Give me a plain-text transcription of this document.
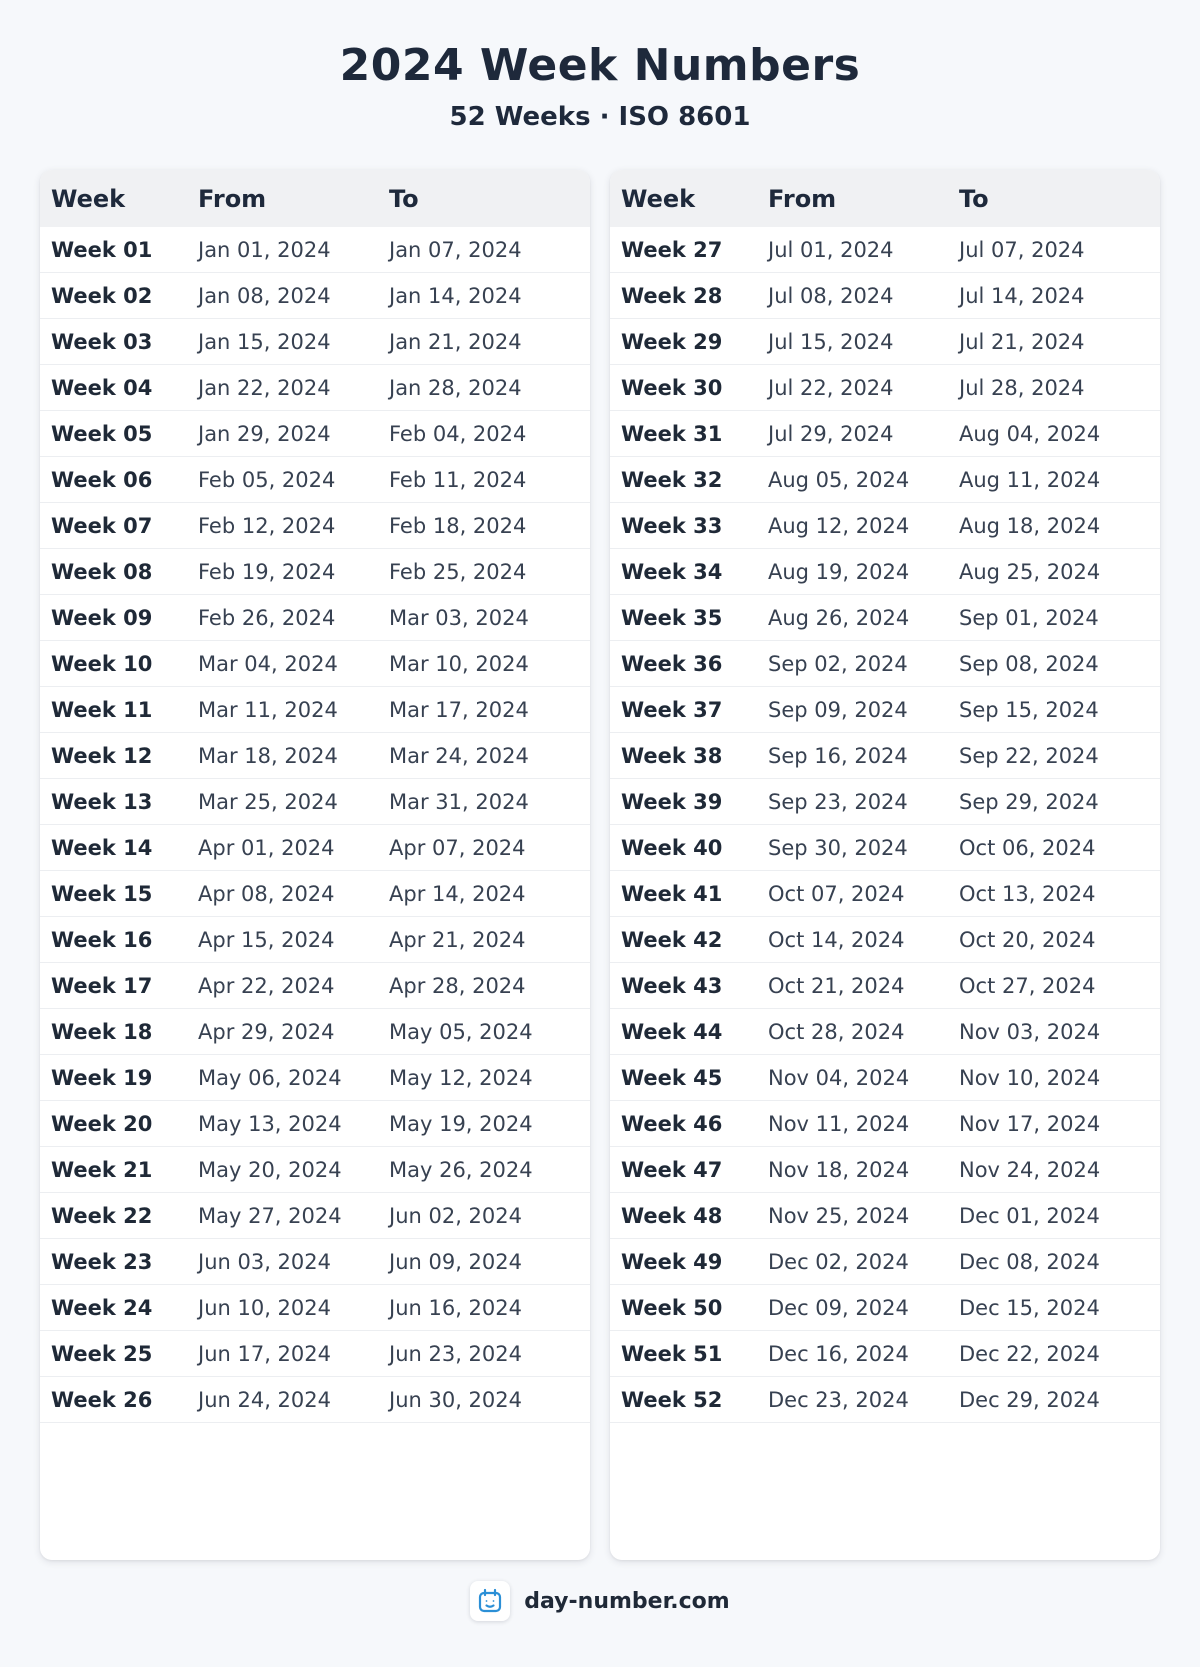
2024 Week Numbers
52 Weeks · ISO 8601
Week	From	To
Week 01	Jan 01, 2024	Jan 07, 2024
Week 02	Jan 08, 2024	Jan 14, 2024
Week 03	Jan 15, 2024	Jan 21, 2024
Week 04	Jan 22, 2024	Jan 28, 2024
Week 05	Jan 29, 2024	Feb 04, 2024
Week 06	Feb 05, 2024	Feb 11, 2024
Week 07	Feb 12, 2024	Feb 18, 2024
Week 08	Feb 19, 2024	Feb 25, 2024
Week 09	Feb 26, 2024	Mar 03, 2024
Week 10	Mar 04, 2024	Mar 10, 2024
Week 11	Mar 11, 2024	Mar 17, 2024
Week 12	Mar 18, 2024	Mar 24, 2024
Week 13	Mar 25, 2024	Mar 31, 2024
Week 14	Apr 01, 2024	Apr 07, 2024
Week 15	Apr 08, 2024	Apr 14, 2024
Week 16	Apr 15, 2024	Apr 21, 2024
Week 17	Apr 22, 2024	Apr 28, 2024
Week 18	Apr 29, 2024	May 05, 2024
Week 19	May 06, 2024	May 12, 2024
Week 20	May 13, 2024	May 19, 2024
Week 21	May 20, 2024	May 26, 2024
Week 22	May 27, 2024	Jun 02, 2024
Week 23	Jun 03, 2024	Jun 09, 2024
Week 24	Jun 10, 2024	Jun 16, 2024
Week 25	Jun 17, 2024	Jun 23, 2024
Week 26	Jun 24, 2024	Jun 30, 2024
Week	From	To
Week 27	Jul 01, 2024	Jul 07, 2024
Week 28	Jul 08, 2024	Jul 14, 2024
Week 29	Jul 15, 2024	Jul 21, 2024
Week 30	Jul 22, 2024	Jul 28, 2024
Week 31	Jul 29, 2024	Aug 04, 2024
Week 32	Aug 05, 2024	Aug 11, 2024
Week 33	Aug 12, 2024	Aug 18, 2024
Week 34	Aug 19, 2024	Aug 25, 2024
Week 35	Aug 26, 2024	Sep 01, 2024
Week 36	Sep 02, 2024	Sep 08, 2024
Week 37	Sep 09, 2024	Sep 15, 2024
Week 38	Sep 16, 2024	Sep 22, 2024
Week 39	Sep 23, 2024	Sep 29, 2024
Week 40	Sep 30, 2024	Oct 06, 2024
Week 41	Oct 07, 2024	Oct 13, 2024
Week 42	Oct 14, 2024	Oct 20, 2024
Week 43	Oct 21, 2024	Oct 27, 2024
Week 44	Oct 28, 2024	Nov 03, 2024
Week 45	Nov 04, 2024	Nov 10, 2024
Week 46	Nov 11, 2024	Nov 17, 2024
Week 47	Nov 18, 2024	Nov 24, 2024
Week 48	Nov 25, 2024	Dec 01, 2024
Week 49	Dec 02, 2024	Dec 08, 2024
Week 50	Dec 09, 2024	Dec 15, 2024
Week 51	Dec 16, 2024	Dec 22, 2024
Week 52	Dec 23, 2024	Dec 29, 2024
day-number.com
